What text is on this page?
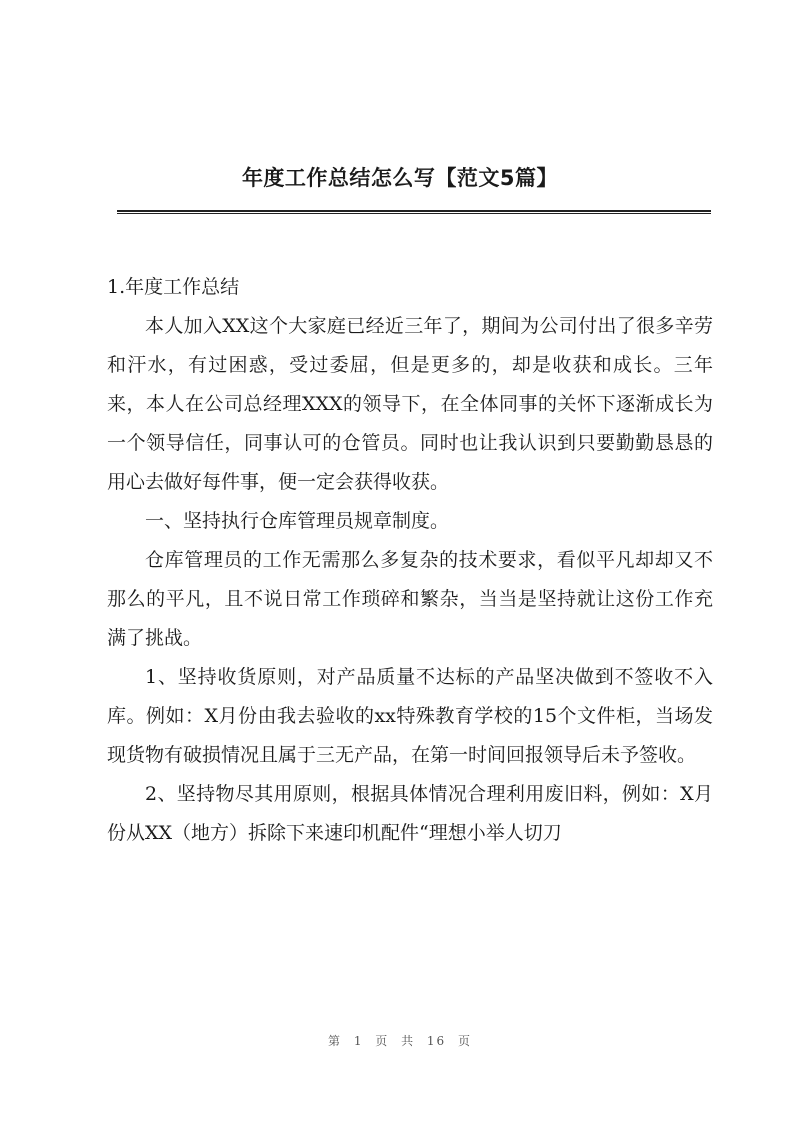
年度工作总结怎么写【范文5篇】

1.年度工作总结

本人加入XX这个大家庭已经近三年了，期间为公司付出了很多辛劳和汗水，有过困惑，受过委屈，但是更多的，却是收获和成长。三年来，本人在公司总经理XXX的领导下，在全体同事的关怀下逐渐成长为一个领导信任，同事认可的仓管员。同时也让我认识到只要勤勤恳恳的用心去做好每件事，便一定会获得收获。

一、坚持执行仓库管理员规章制度。

仓库管理员的工作无需那么多复杂的技术要求，看似平凡却却又不那么的平凡，且不说日常工作琐碎和繁杂，当当是坚持就让这份工作充满了挑战。

1、坚持收货原则，对产品质量不达标的产品坚决做到不签收不入库。例如：X月份由我去验收的xx特殊教育学校的15个文件柜，当场发现货物有破损情况且属于三无产品，在第一时间回报领导后未予签收。

2、坚持物尽其用原则，根据具体情况合理利用废旧料，例如：X月份从XX（地方）拆除下来速印机配件“理想小举人切刀

第 1 页 共 16 页
